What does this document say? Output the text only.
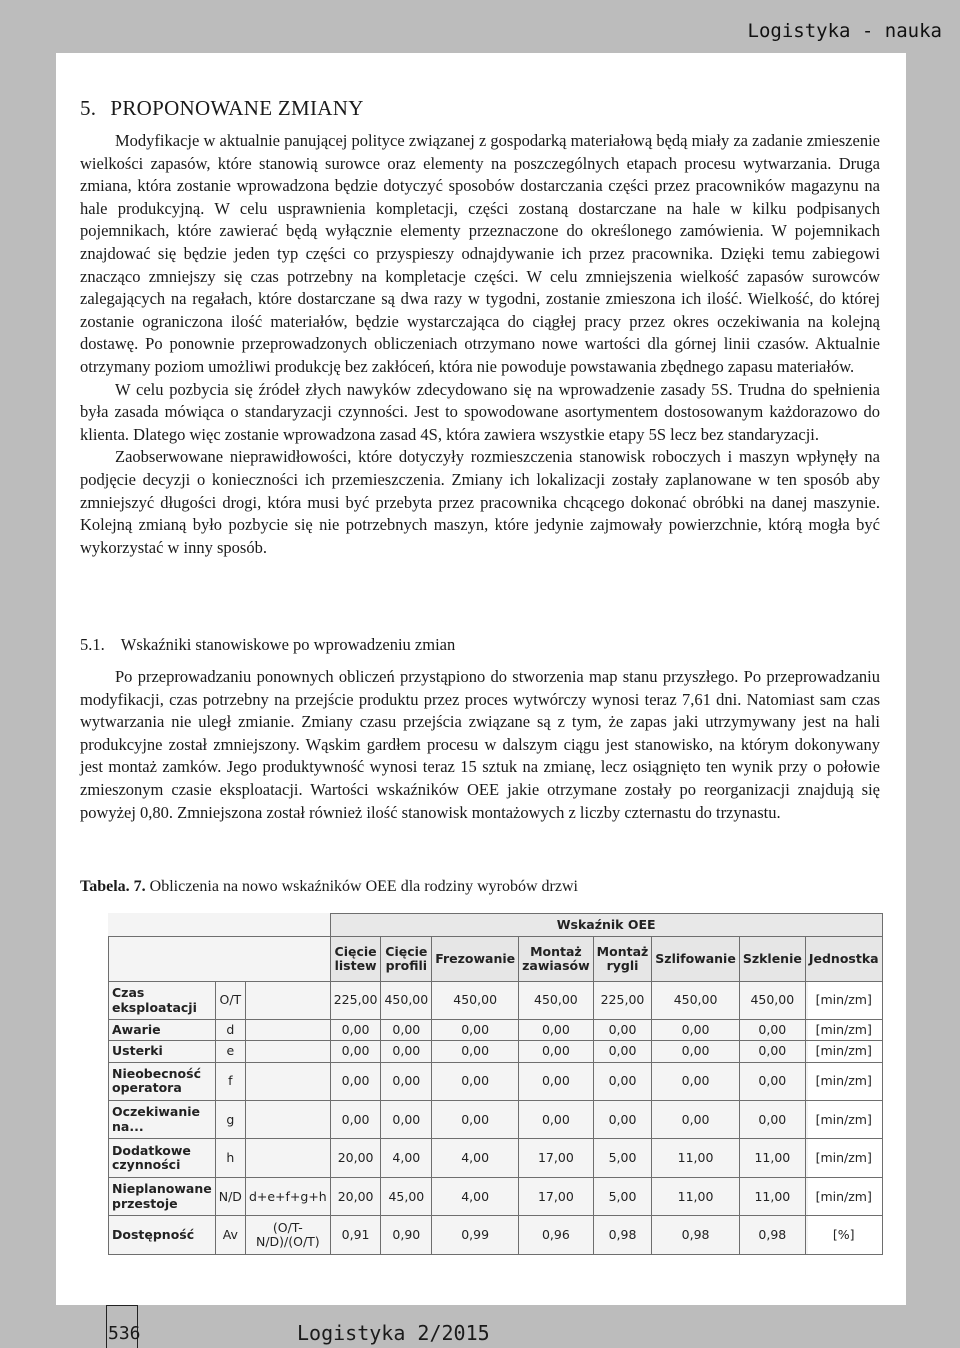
Logistyka - nauka
5. PROPONOWANE ZMIANY

Modyfikacje w aktualnie panującej polityce związanej z gospodarką materiałową będą miały za zadanie zmieszenie wielkości zapasów, które stanowią surowce oraz elementy na poszczególnych etapach procesu wytwarzania. Druga zmiana, która zostanie wprowadzona będzie dotyczyć sposobów dostarczania części przez pracowników magazynu na hale produkcyjną. W celu usprawnienia kompletacji, części zostaną dostarczane na hale w kilku podpisanych pojemnikach, które zawierać będą wyłącznie elementy przeznaczone do określonego zamówienia. W pojemnikach znajdować się będzie jeden typ części co przyspieszy odnajdywanie ich przez pracownika. Dzięki temu zabiegowi znacząco zmniejszy się czas potrzebny na kompletacje części. W celu zmniejszenia wielkość zapasów surowców zalegających na regałach, które dostarczane są dwa razy w tygodni, zostanie zmieszona ich ilość. Wielkość, do której zostanie ograniczona ilość materiałów, będzie wystarczająca do ciągłej pracy przez okres oczekiwania na kolejną dostawę. Po ponownie przeprowadzonych obliczeniach otrzymano nowe wartości dla górnej linii czasów. Aktualnie otrzymany poziom umożliwi produkcję bez zakłóceń, która nie powoduje powstawania zbędnego zapasu materiałów.

W celu pozbycia się źródeł złych nawyków zdecydowano się na wprowadzenie zasady 5S. Trudna do spełnienia była zasada mówiąca o standaryzacji czynności. Jest to spowodowane asortymentem dostosowanym każdorazowo do klienta. Dlatego więc zostanie wprowadzona zasad 4S, która zawiera wszystkie etapy 5S lecz bez standaryzacji.

Zaobserwowane nieprawidłowości, które dotyczyły rozmieszczenia stanowisk roboczych i maszyn wpłynęły na podjęcie decyzji o konieczności ich przemieszczenia. Zmiany ich lokalizacji zostały zaplanowane w ten sposób aby zmniejszyć długości drogi, która musi być przebyta przez pracownika chcącego dokonać obróbki na danej maszynie. Kolejną zmianą było pozbycie się nie potrzebnych maszyn, które jedynie zajmowały powierzchnie, którą mogła być wykorzystać w inny sposób.

5.1. Wskaźniki stanowiskowe po wprowadzeniu zmian

Po przeprowadzaniu ponownych obliczeń przystąpiono do stworzenia map stanu przyszłego. Po przeprowadzaniu modyfikacji, czas potrzebny na przejście produktu przez proces wytwórczy wynosi teraz 7,61 dni. Natomiast sam czas wytwarzania nie uległ zmianie. Zmiany czasu przejścia związane są z tym, że zapas jaki utrzymywany jest na hali produkcyjne został zmniejszony. Wąskim gardłem procesu w dalszym ciągu jest stanowisko, na którym dokonywany jest montaż zamków. Jego produktywność wynosi teraz 15 sztuk na zmianę, lecz osiągnięto ten wynik przy o połowie zmieszonym czasie eksploatacji. Wartości wskaźników OEE jakie otrzymane zostały po reorganizacji znajdują się powyżej 0,80. Zmniejszona został również ilość stanowisk montażowych z liczby czternastu do trzynastu.

Tabela. 7. Obliczenia na nowo wskaźników OEE dla rodziny wyrobów drzwi
			Wskaźnik OEE							
			Cięcie listew	Cięcie profili	Frezowanie	Montaż zawiasów	Montaż rygli	Szlifowanie	Szklenie	Jednostka
Czas eksploatacji	O/T		225,00	450,00	450,00	450,00	225,00	450,00	450,00	[min/zm]
Awarie	d		0,00	0,00	0,00	0,00	0,00	0,00	0,00	[min/zm]
Usterki	e		0,00	0,00	0,00	0,00	0,00	0,00	0,00	[min/zm]
Nieobecność operatora	f		0,00	0,00	0,00	0,00	0,00	0,00	0,00	[min/zm]
Oczekiwanie na...	g		0,00	0,00	0,00	0,00	0,00	0,00	0,00	[min/zm]
Dodatkowe czynności	h		20,00	4,00	4,00	17,00	5,00	11,00	11,00	[min/zm]
Nieplanowane przestoje	N/D	d+e+f+g+h	20,00	45,00	4,00	17,00	5,00	11,00	11,00	[min/zm]
Dostępność	Av	(O/T-N/D)/(O/T)	0,91	0,90	0,99	0,96	0,98	0,98	0,98	[%]
536	Logistyka 2/2015
